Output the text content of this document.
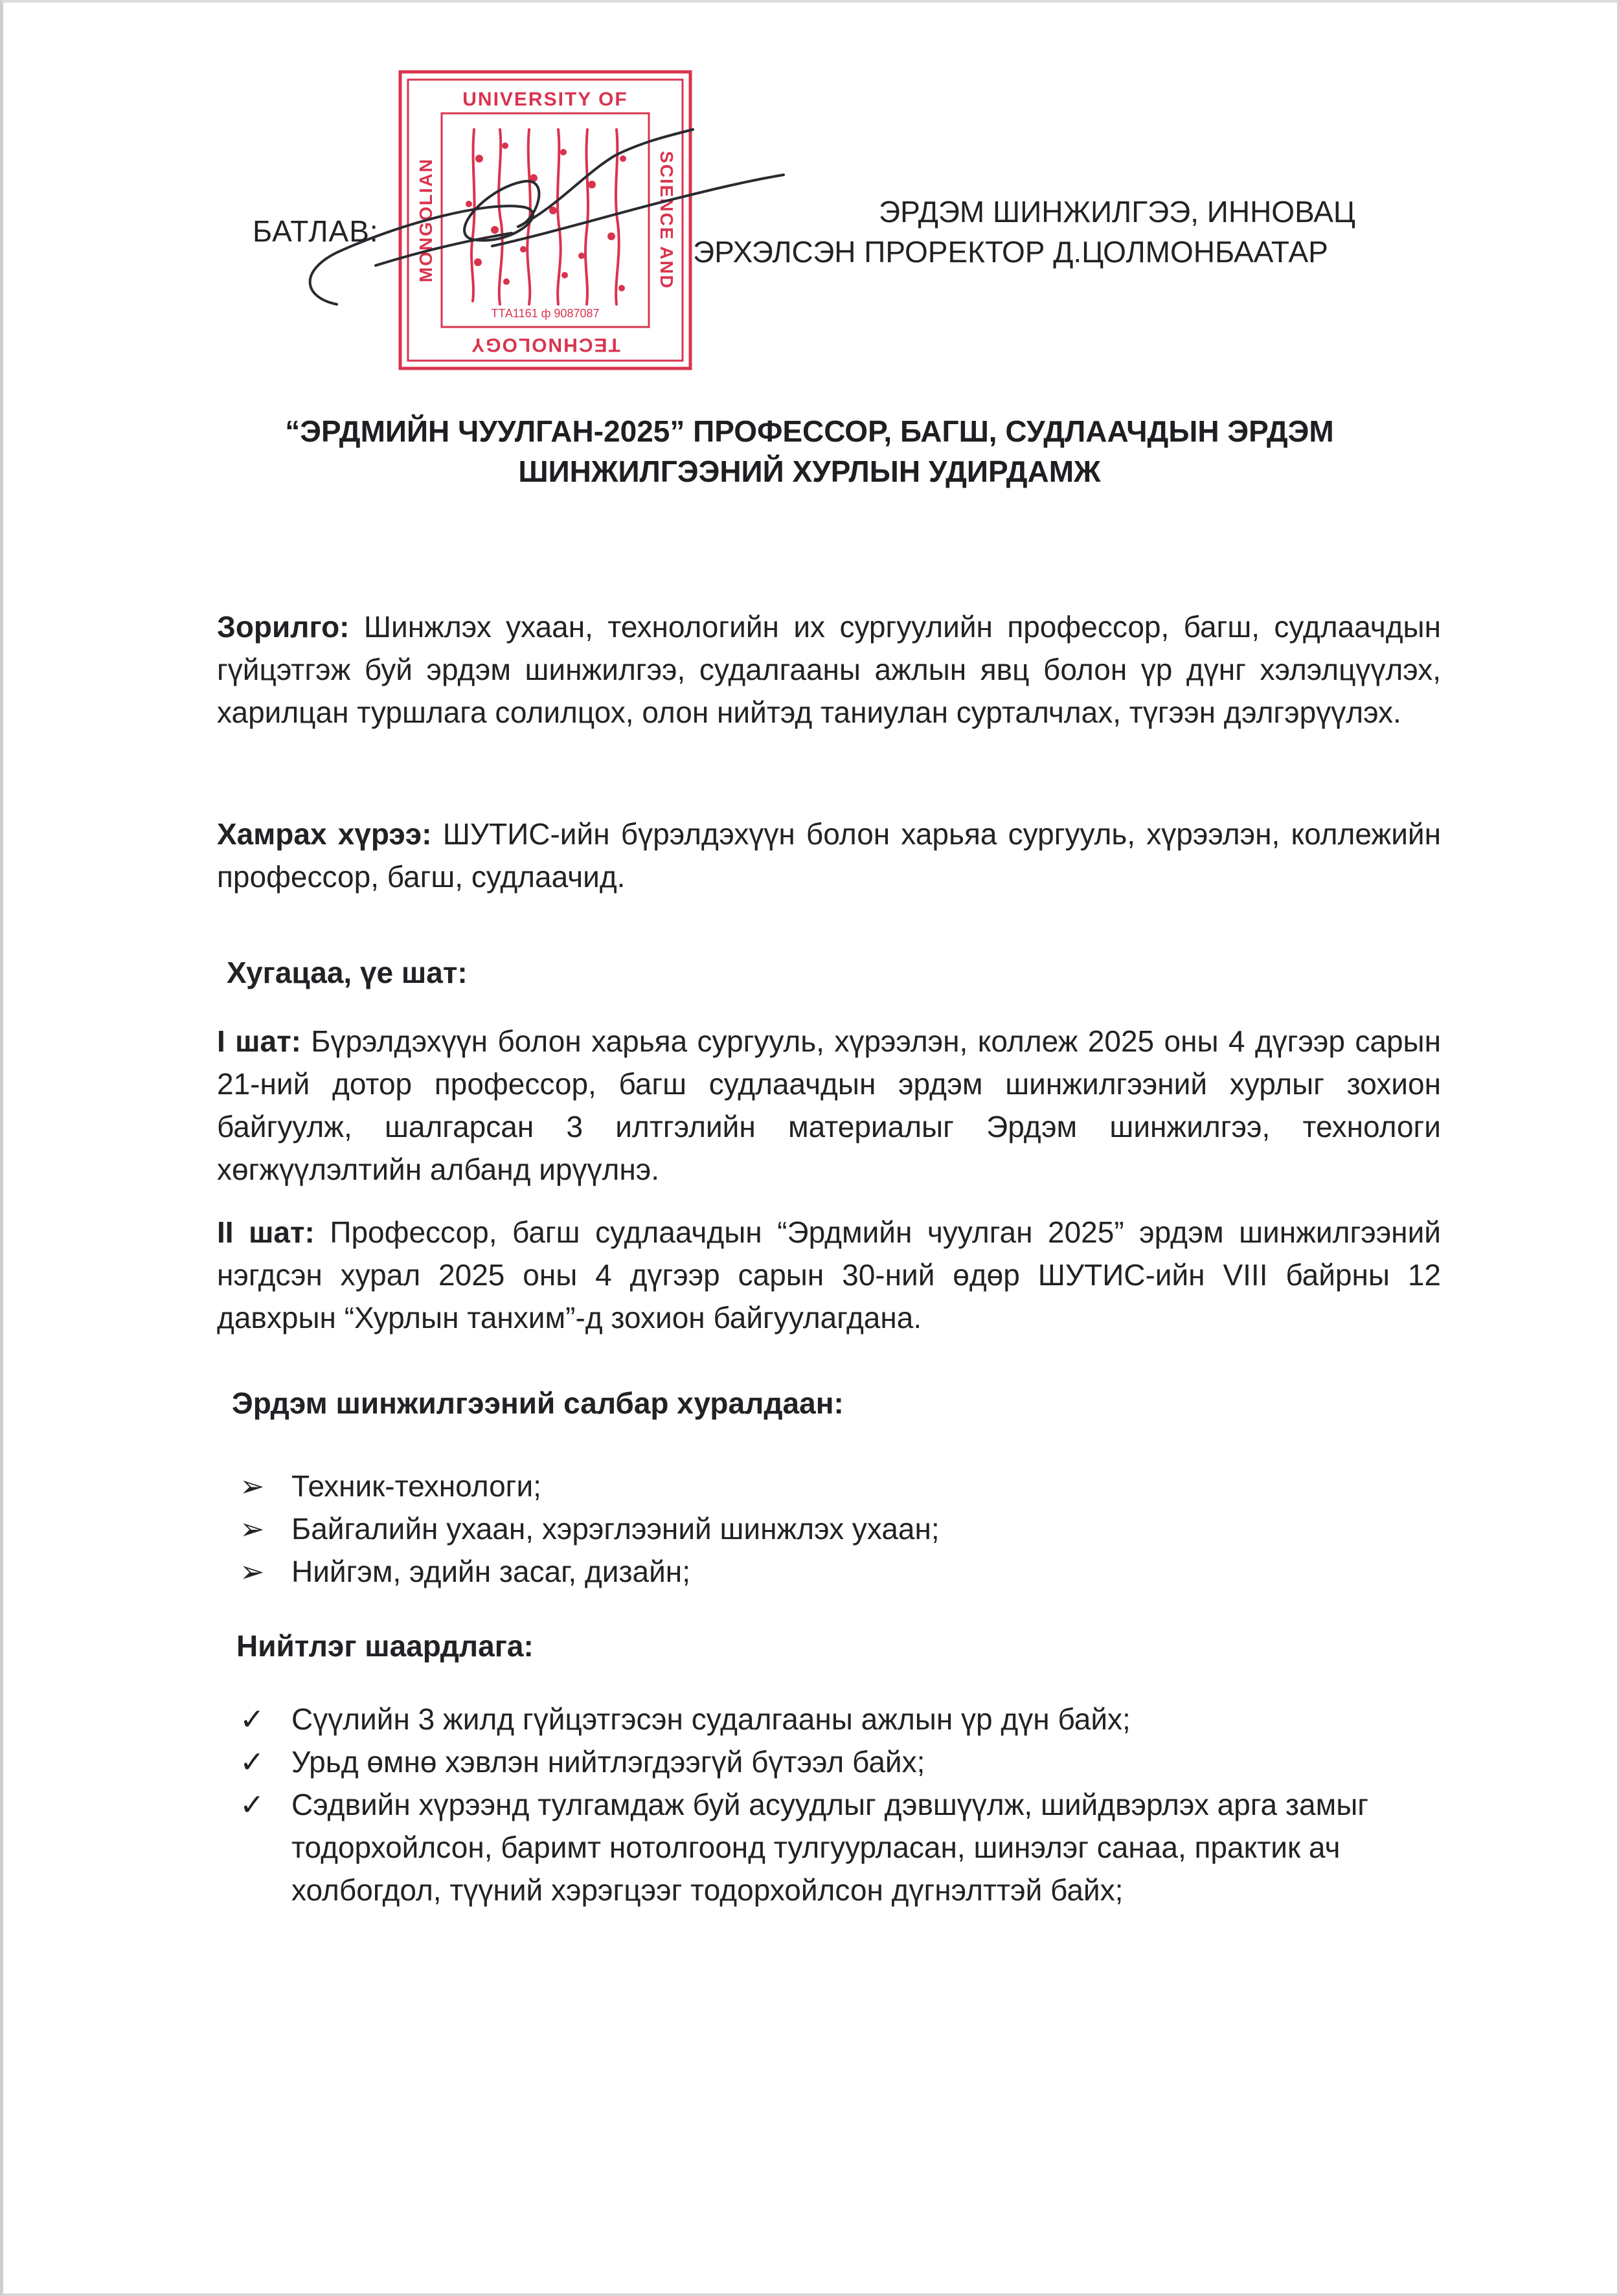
UNIVERSITY OF
MONGOLIAN	SCIENCE AND
TECHNOLOGY
ТТА1161 ф 9087087
БАТЛАВ:
ЭРДЭМ ШИНЖИЛГЭЭ, ИННОВАЦ
ЭРХЭЛСЭН ПРОРЕКТОР Д.ЦОЛМОНБААТАР
“ЭРДМИЙН ЧУУЛГАН-2025” ПРОФЕССОР, БАГШ, СУДЛААЧДЫН ЭРДЭМ
ШИНЖИЛГЭЭНИЙ ХУРЛЫН УДИРДАМЖ
Зорилго: Шинжлэх ухаан, технологийн их сургуулийн профессор, багш, судлаачдын гүйцэтгэж буй эрдэм шинжилгээ, судалгааны ажлын явц болон үр дүнг хэлэлцүүлэх, харилцан туршлага солилцох, олон нийтэд таниулан сурталчлах, түгээн дэлгэрүүлэх.
Хамрах хүрээ: ШУТИС-ийн бүрэлдэхүүн болон харьяа сургууль, хүрээлэн, коллежийн профессор, багш, судлаачид.
Хугацаа, үе шат:
I шат: Бүрэлдэхүүн болон харьяа сургууль, хүрээлэн, коллеж 2025 оны 4 дүгээр сарын 21-ний дотор профессор, багш судлаачдын эрдэм шинжилгээний хурлыг зохион байгуулж, шалгарсан 3 илтгэлийн материалыг Эрдэм шинжилгээ, технологи хөгжүүлэлтийн албанд ирүүлнэ.
II шат: Профессор, багш судлаачдын “Эрдмийн чуулган 2025” эрдэм шинжилгээний нэгдсэн хурал 2025 оны 4 дүгээр сарын 30-ний өдөр ШУТИС-ийн VIII байрны 12 давхрын “Хурлын танхим”-д зохион байгуулагдана.
Эрдэм шинжилгээний салбар хуралдаан:
➢ Техник-технологи;
➢ Байгалийн ухаан, хэрэглээний шинжлэх ухаан;
➢ Нийгэм, эдийн засаг, дизайн;
Нийтлэг шаардлага:
✓ Сүүлийн 3 жилд гүйцэтгэсэн судалгааны ажлын үр дүн байх;
✓ Урьд өмнө хэвлэн нийтлэгдээгүй бүтээл байх;
✓ Сэдвийн хүрээнд тулгамдаж буй асуудлыг дэвшүүлж, шийдвэрлэх арга замыг тодорхойлсон, баримт нотолгоонд тулгуурласан, шинэлэг санаа, практик ач холбогдол, түүний хэрэгцээг тодорхойлсон дүгнэлттэй байх;
